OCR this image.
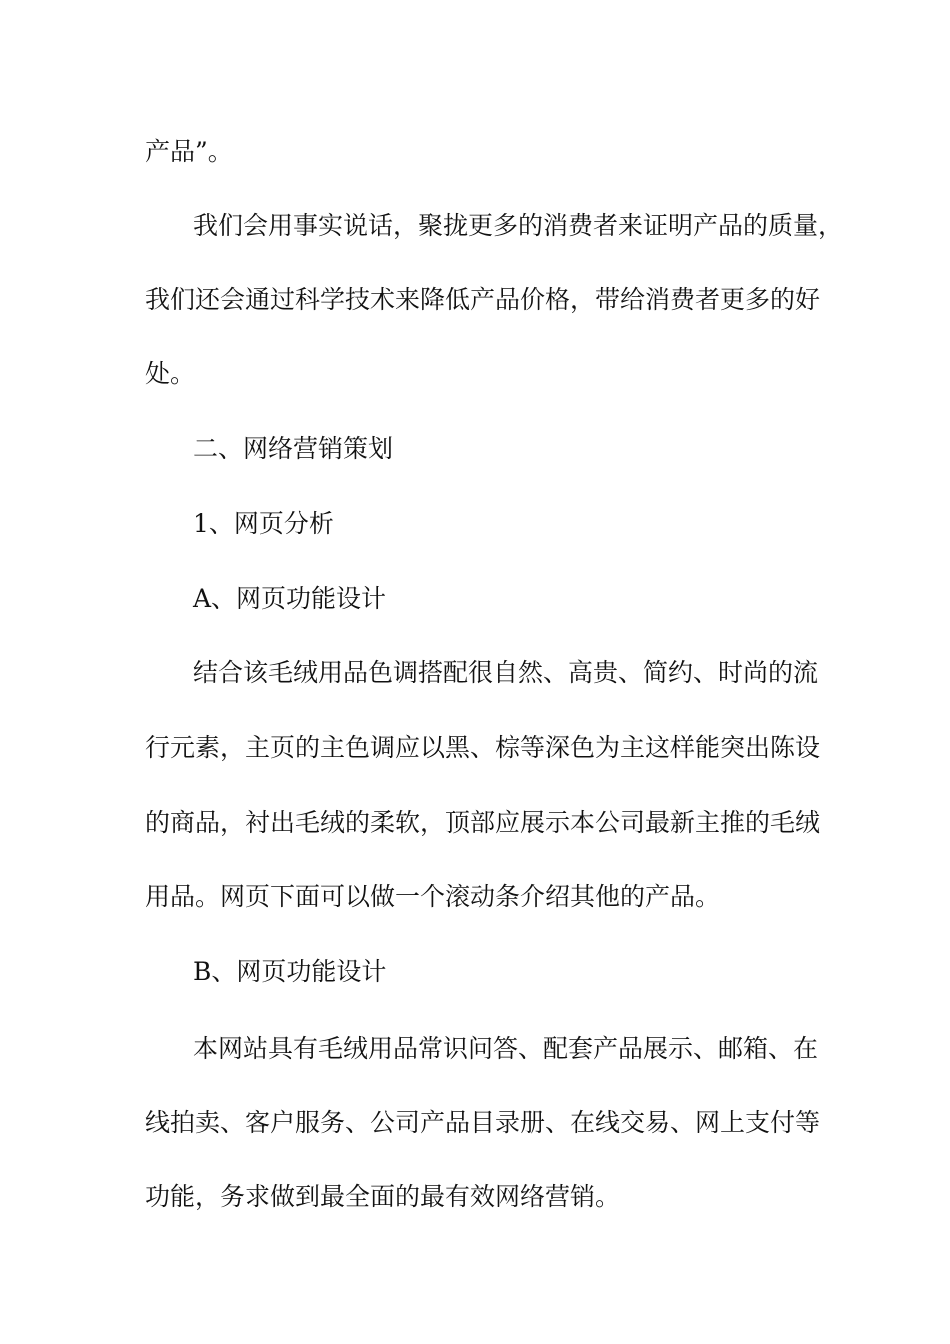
产品”。
我们会用事实说话，聚拢更多的消费者来证明产品的质量，
我们还会通过科学技术来降低产品价格，带给消费者更多的好
处。
二、网络营销策划
1、网页分析
A、网页功能设计
结合该毛绒用品色调搭配很自然、高贵、简约、时尚的流
行元素，主页的主色调应以黑、棕等深色为主这样能突出陈设
的商品，衬出毛绒的柔软，顶部应展示本公司最新主推的毛绒
用品。网页下面可以做一个滚动条介绍其他的产品。
B、网页功能设计
本网站具有毛绒用品常识问答、配套产品展示、邮箱、在
线拍卖、客户服务、公司产品目录册、在线交易、网上支付等
功能，务求做到最全面的最有效网络营销。
